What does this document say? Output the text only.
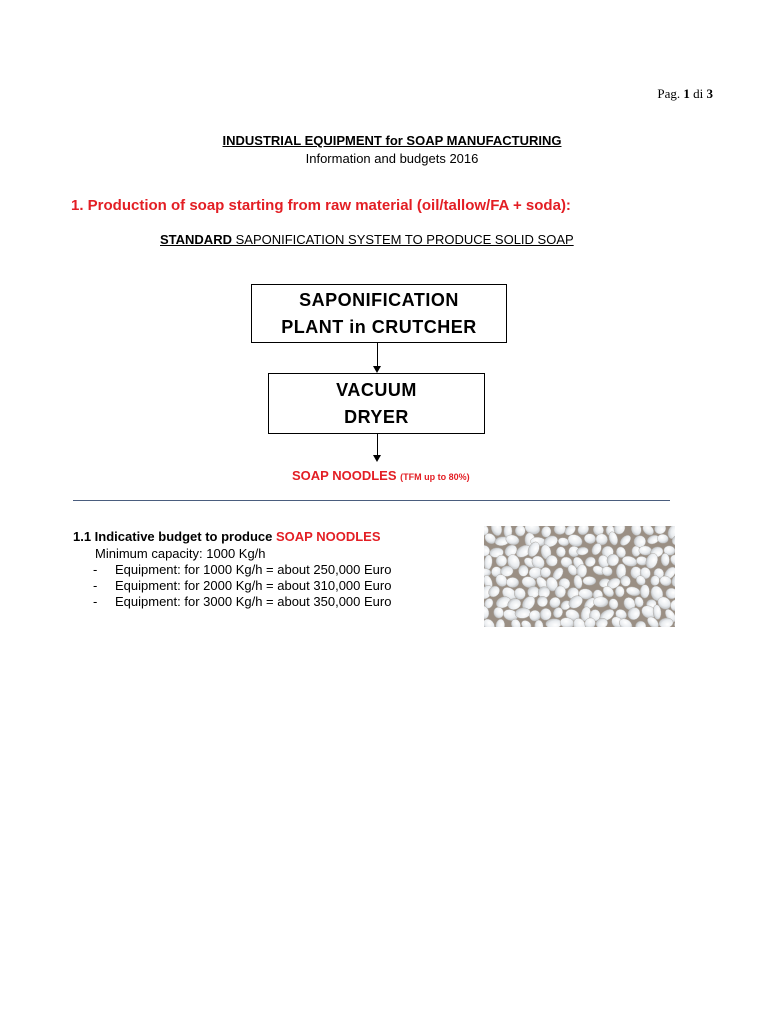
Pag. 1 di 3
INDUSTRIAL EQUIPMENT for SOAP MANUFACTURING
Information and budgets 2016
1. Production of soap starting from raw material (oil/tallow/FA + soda):
STANDARD SAPONIFICATION SYSTEM TO PRODUCE SOLID SOAP
SAPONIFICATION
PLANT in CRUTCHER
VACUUM
DRYER
SOAP NOODLES (TFM up to 80%)
1.1 Indicative budget to produce SOAP NOODLES
Minimum capacity: 1000 Kg/h
-	Equipment: for 1000 Kg/h = about 250,000 Euro
-	Equipment: for 2000 Kg/h = about 310,000 Euro
-	Equipment: for 3000 Kg/h = about 350,000 Euro
